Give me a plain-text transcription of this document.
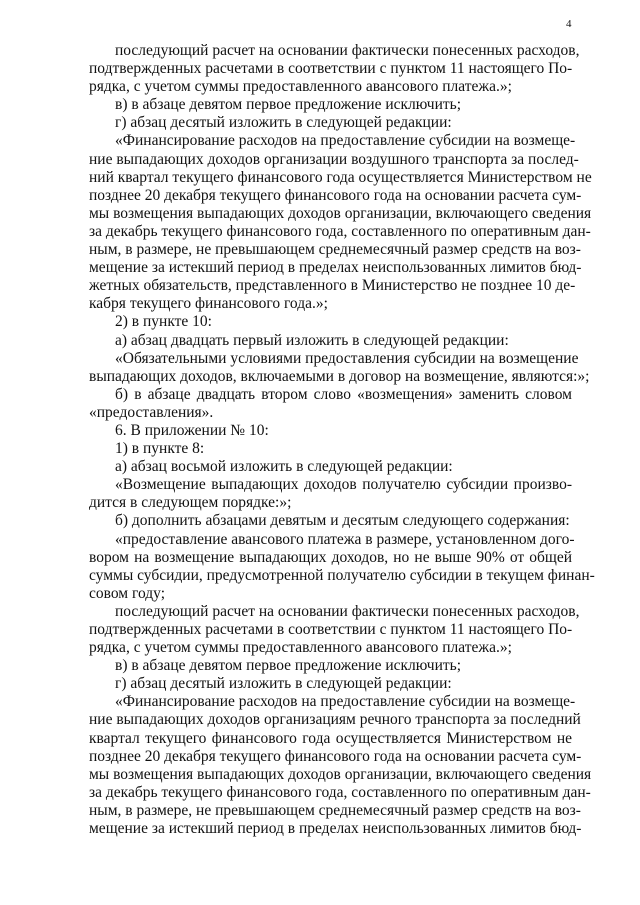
4
последующий расчет на основании фактически понесенных расходов,
подтвержденных расчетами в соответствии с пунктом 11 настоящего По-
рядка, с учетом суммы предоставленного авансового платежа.»;
в) в абзаце девятом первое предложение исключить;
г) абзац десятый изложить в следующей редакции:
«Финансирование расходов на предоставление субсидии на возмеще-
ние выпадающих доходов организации воздушного транспорта за послед-
ний квартал текущего финансового года осуществляется Министерством не
позднее 20 декабря текущего финансового года на основании расчета сум-
мы возмещения выпадающих доходов организации, включающего сведения
за декабрь текущего финансового года, составленного по оперативным дан-
ным, в размере, не превышающем среднемесячный размер средств на воз-
мещение за истекший период в пределах неиспользованных лимитов бюд-
жетных обязательств, представленного в Министерство не позднее 10 де-
кабря текущего финансового года.»;
2) в пункте 10:
а) абзац двадцать первый изложить в следующей редакции:
«Обязательными условиями предоставления субсидии на возмещение
выпадающих доходов, включаемыми в договор на возмещение, являются:»;
б) в абзаце двадцать втором слово «возмещения» заменить словом
«предоставления».
6. В приложении № 10:
1) в пункте 8:
а) абзац восьмой изложить в следующей редакции:
«Возмещение выпадающих доходов получателю субсидии произво-
дится в следующем порядке:»;
б) дополнить абзацами девятым и десятым следующего содержания:
«предоставление авансового платежа в размере, установленном дого-
вором на возмещение выпадающих доходов, но не выше 90% от общей
суммы субсидии, предусмотренной получателю субсидии в текущем финан-
совом году;
последующий расчет на основании фактически понесенных расходов,
подтвержденных расчетами в соответствии с пунктом 11 настоящего По-
рядка, с учетом суммы предоставленного авансового платежа.»;
в) в абзаце девятом первое предложение исключить;
г) абзац десятый изложить в следующей редакции:
«Финансирование расходов на предоставление субсидии на возмеще-
ние выпадающих доходов организациям речного транспорта за последний
квартал текущего финансового года осуществляется Министерством не
позднее 20 декабря текущего финансового года на основании расчета сум-
мы возмещения выпадающих доходов организации, включающего сведения
за декабрь текущего финансового года, составленного по оперативным дан-
ным, в размере, не превышающем среднемесячный размер средств на воз-
мещение за истекший период в пределах неиспользованных лимитов бюд-
